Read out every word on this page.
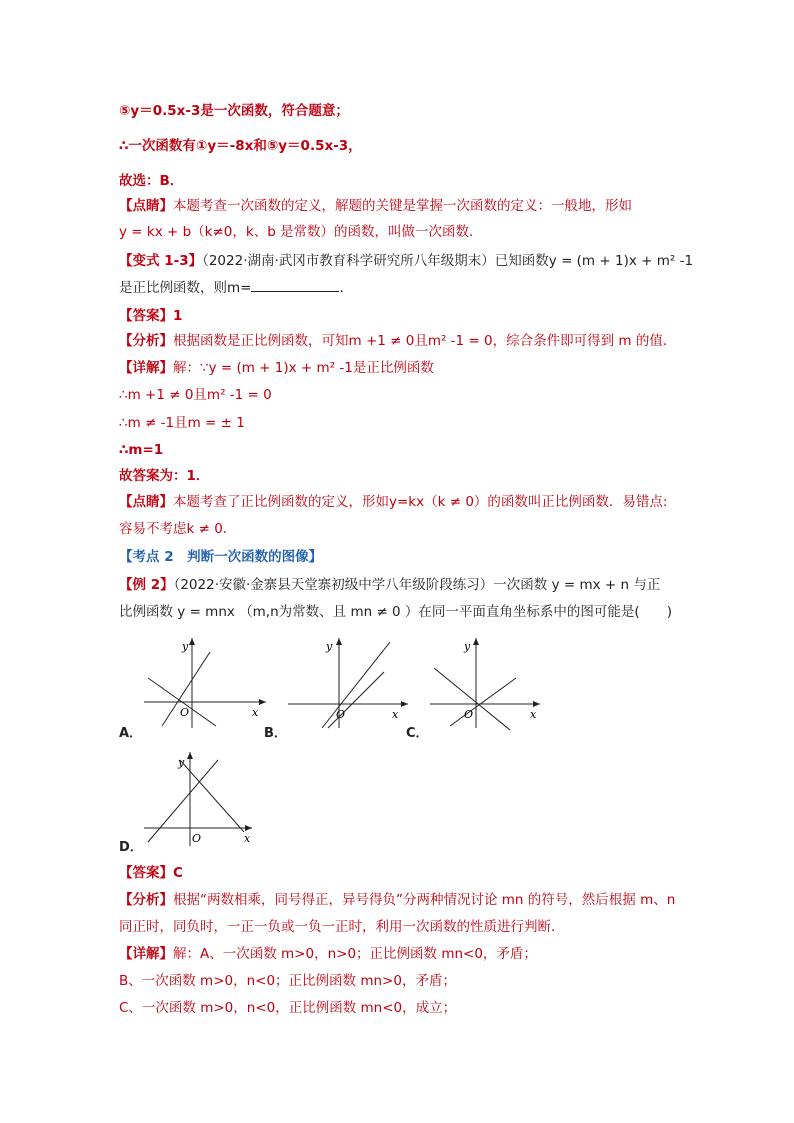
⑤y＝0.5x-3是一次函数，符合题意；
∴一次函数有①y＝-8x和⑤y＝0.5x-3，
故选：B．
【点睛】本题考查一次函数的定义，解题的关键是掌握一次函数的定义：一般地，形如
y = kx + b（k≠0，k、b 是常数）的函数，叫做一次函数．
【变式 1-3】（2022·湖南·武冈市教育科学研究所八年级期末）已知函数y = (m + 1)x + m² -1
是正比例函数，则m=	．
【答案】1
【分析】根据函数是正比例函数，可知m +1 ≠ 0且m² -1 = 0，综合条件即可得到 m 的值．
【详解】解：∵y = (m + 1)x + m² -1是正比例函数
∴m +1 ≠ 0且m² -1 = 0
∴m ≠ -1且m = ± 1
∴m=1
故答案为：1．
【点睛】本题考查了正比例函数的定义，形如y=kx（k ≠ 0）的函数叫正比例函数．易错点:
容易不考虑k ≠ 0．
【考点 2　判断一次函数的图像】
【例 2】（2022·安徽·金寨县天堂寨初级中学八年级阶段练习）一次函数 y = mx + n 与正
比例函数 y = mnx （m,n为常数、且 mn ≠ 0 ）在同一平面直角坐标系中的图可能是(　　)
y
x
O
A．
y
x
O
B．
y
x
O
C．
y
x
O
D．
【答案】C
【分析】根据“两数相乘，同号得正，异号得负”分两种情况讨论 mn 的符号，然后根据 m、n
同正时，同负时，一正一负或一负一正时，利用一次函数的性质进行判断．
【详解】解：A、一次函数 m>0，n>0；正比例函数 mn<0，矛盾；
B、一次函数 m>0，n<0；正比例函数 mn>0，矛盾；
C、一次函数 m>0，n<0，正比例函数 mn<0，成立；
